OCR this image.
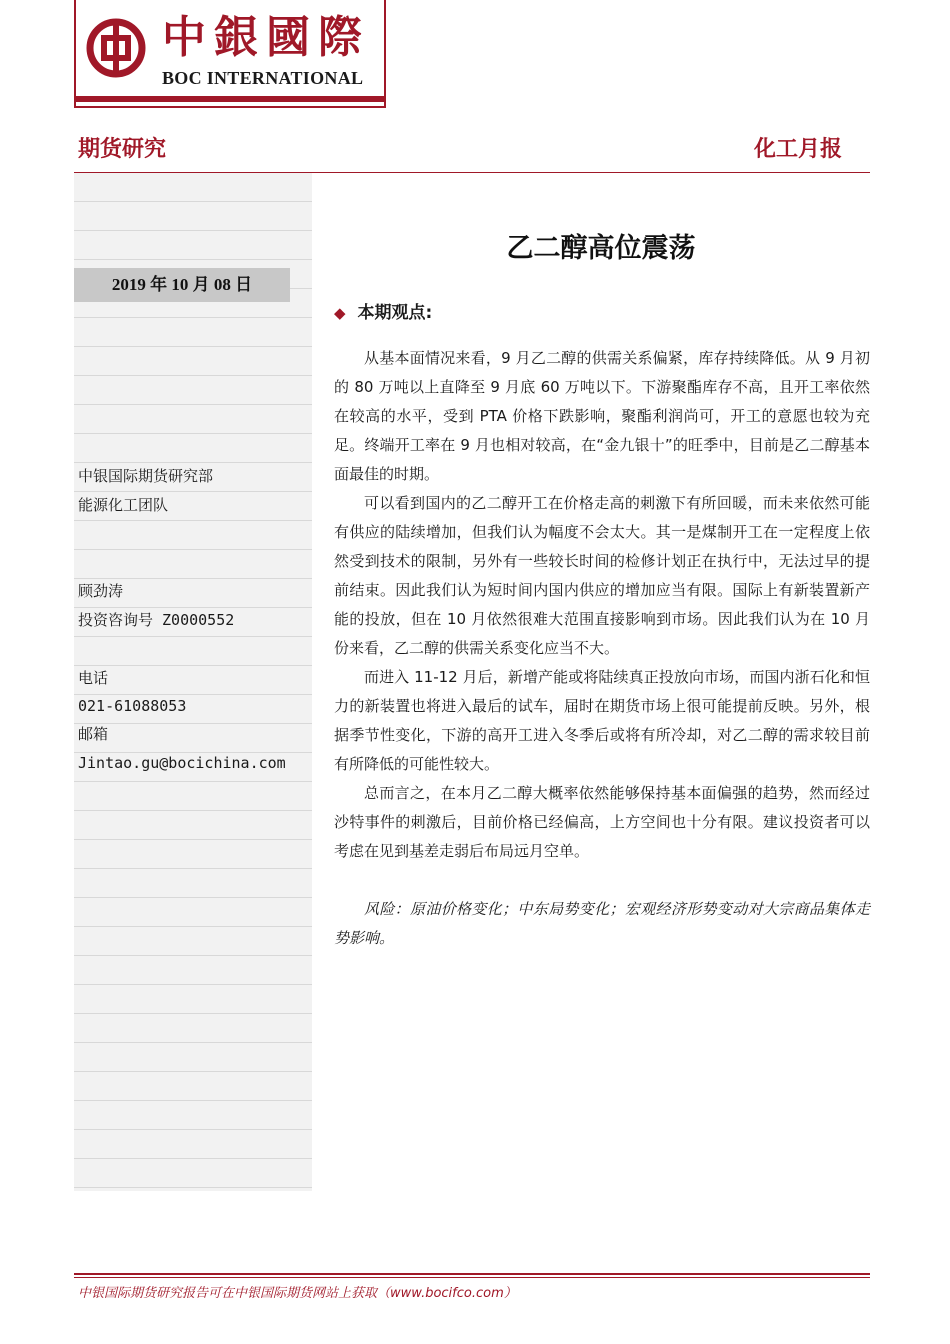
中銀國際
BOC INTERNATIONAL
期货研究	化工月报
2019 年 10 月 08 日
中银国际期货研究部
能源化工团队
顾劲涛
投资咨询号 Z0000552
电话
021-61088053
邮箱
Jintao.gu@bocichina.com
乙二醇高位震荡
◆ 本期观点:

从基本面情况来看，9 月乙二醇的供需关系偏紧，库存持续降低。从 9 月初的 80 万吨以上直降至 9 月底 60 万吨以下。下游聚酯库存不高，且开工率依然在较高的水平，受到 PTA 价格下跌影响，聚酯利润尚可，开工的意愿也较为充足。终端开工率在 9 月也相对较高，在“金九银十”的旺季中，目前是乙二醇基本面最佳的时期。

可以看到国内的乙二醇开工在价格走高的刺激下有所回暖，而未来依然可能有供应的陆续增加，但我们认为幅度不会太大。其一是煤制开工在一定程度上依然受到技术的限制，另外有一些较长时间的检修计划正在执行中，无法过早的提前结束。因此我们认为短时间内国内供应的增加应当有限。国际上有新装置新产能的投放，但在 10 月依然很难大范围直接影响到市场。因此我们认为在 10 月份来看，乙二醇的供需关系变化应当不大。

而进入 11-12 月后，新增产能或将陆续真正投放向市场，而国内浙石化和恒力的新装置也将进入最后的试车，届时在期货市场上很可能提前反映。另外，根据季节性变化，下游的高开工进入冬季后或将有所冷却，对乙二醇的需求较目前有所降低的可能性较大。

总而言之，在本月乙二醇大概率依然能够保持基本面偏强的趋势，然而经过沙特事件的刺激后，目前价格已经偏高，上方空间也十分有限。建议投资者可以考虑在见到基差走弱后布局远月空单。

风险：原油价格变化；中东局势变化；宏观经济形势变动对大宗商品集体走势影响。

中银国际期货研究报告可在中银国际期货网站上获取（www.bocifco.com）
